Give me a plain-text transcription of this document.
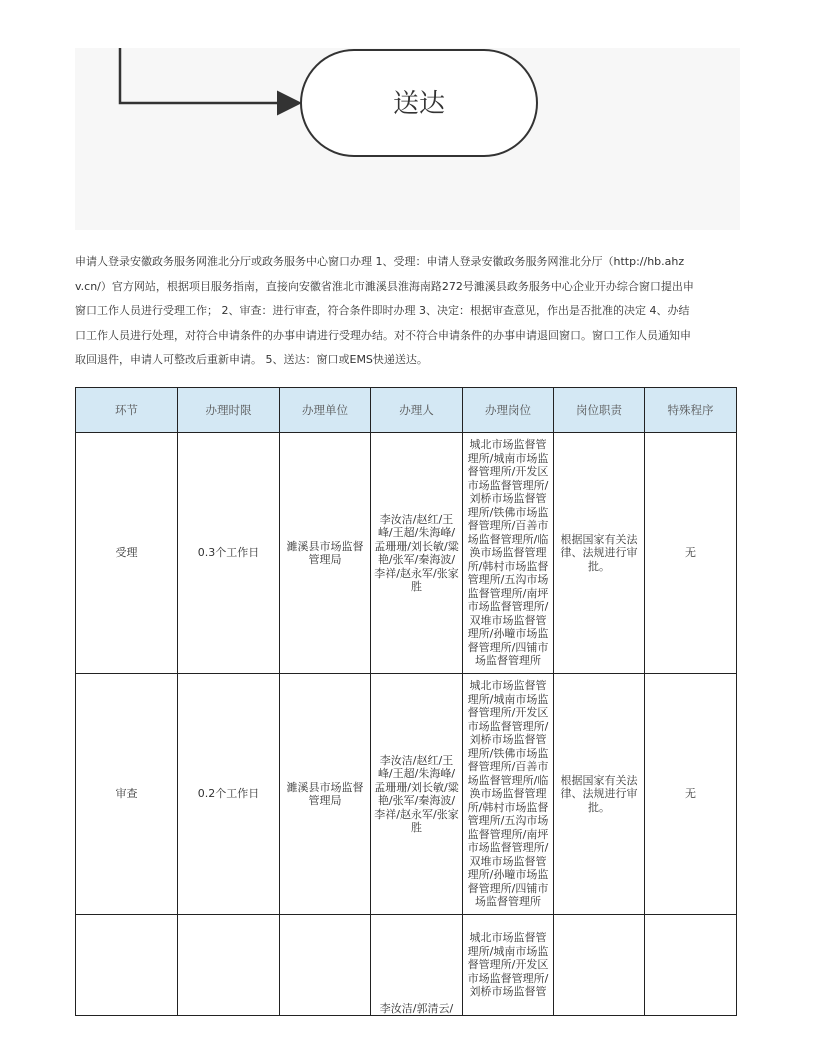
送达
申请人登录安徽政务服务网淮北分厅或政务服务中心窗口办理 1、受理：申请人登录安徽政务服务网淮北分厅（http://hb.ahz
v.cn/）官方网站，根据项目服务指南，直接向安徽省淮北市濉溪县淮海南路272号濉溪县政务服务中心企业开办综合窗口提出申
窗口工作人员进行受理工作； 2、审查：进行审查，符合条件即时办理 3、决定：根据审查意见，作出是否批准的决定 4、办结
口工作人员进行处理，对符合申请条件的办事申请进行受理办结。对不符合申请条件的办事申请退回窗口。窗口工作人员通知申
取回退件，申请人可整改后重新申请。 5、送达：窗口或EMS快递送达。
环节	办理时限	办理单位	办理人	办理岗位	岗位职责	特殊程序
受理	0.3个工作日	濉溪县市场监督管理局	李汝洁/赵红/王峰/王超/朱海峰/孟珊珊/刘长敏/粱艳/张军/秦海波/李祥/赵永军/张家胜	城北市场监督管理所/城南市场监督管理所/开发区市场监督管理所/刘桥市场监督管理所/铁佛市场监督管理所/百善市场监督管理所/临涣市场监督管理所/韩村市场监督管理所/五沟市场监督管理所/南坪市场监督管理所/双堆市场监督管理所/孙疃市场监督管理所/四铺市场监督管理所	根据国家有关法律、法规进行审批。	无
审查	0.2个工作日	濉溪县市场监督管理局	李汝洁/赵红/王峰/王超/朱海峰/孟珊珊/刘长敏/粱艳/张军/秦海波/李祥/赵永军/张家胜	城北市场监督管理所/城南市场监督管理所/开发区市场监督管理所/刘桥市场监督管理所/铁佛市场监督管理所/百善市场监督管理所/临涣市场监督管理所/韩村市场监督管理所/五沟市场监督管理所/南坪市场监督管理所/双堆市场监督管理所/孙疃市场监督管理所/四铺市场监督管理所	根据国家有关法律、法规进行审批。	无
			李汝洁/郭清云/	城北市场监督管理所/城南市场监督管理所/开发区市场监督管理所/刘桥市场监督管		
